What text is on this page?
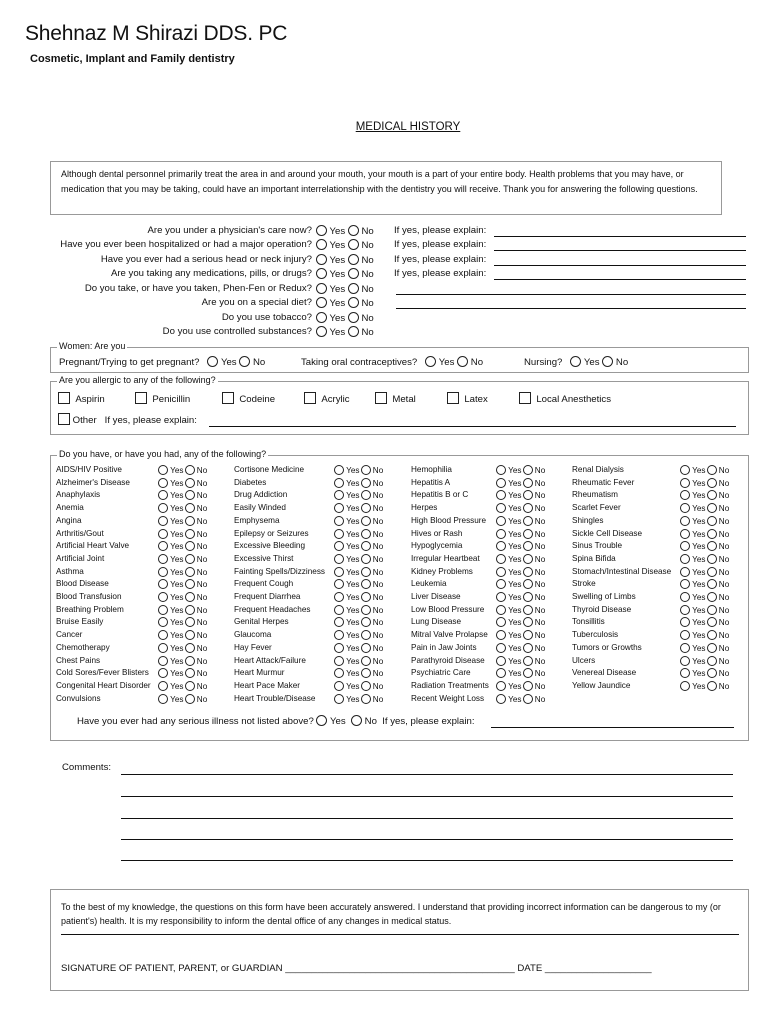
Shehnaz M Shirazi DDS. PC
Cosmetic, Implant and Family dentistry
MEDICAL HISTORY
Although dental personnel primarily treat the area in and around your mouth, your mouth is a part of your entire body. Health problems that you may have, or medication that you may be taking, could have an important interrelationship with the dentistry you will receive. Thank you for answering the following questions.
Are you under a physician's care now?	Yes No If yes, please explain:
Have you ever been hospitalized or had a major operation?	Yes No If yes, please explain:
Have you ever had a serious head or neck injury?	Yes No If yes, please explain:
Are you taking any medications, pills, or drugs?	Yes No If yes, please explain:
Do you take, or have you taken, Phen-Fen or Redux?	Yes No
Are you on a special diet?	Yes No
Do you use tobacco?	Yes No
Do you use controlled substances?	Yes No
Women: Are you
Pregnant/Trying to get pregnant? Yes No	Taking oral contraceptives? Yes No	Nursing? Yes No
Are you allergic to any of the following?
Aspirin	Penicillin	Codeine	Acrylic	Metal	Latex	Local Anesthetics
Other If yes, please explain:
Do you have, or have you had, any of the following?
AIDS/HIV Positive	Yes No
Alzheimer's Disease	Yes No
Anaphylaxis	Yes No
Anemia	Yes No
Angina	Yes No
Arthritis/Gout	Yes No
Artificial Heart Valve	Yes No
Artificial Joint	Yes No
Asthma	Yes No
Blood Disease	Yes No
Blood Transfusion	Yes No
Breathing Problem	Yes No
Bruise Easily	Yes No
Cancer	Yes No
Chemotherapy	Yes No
Chest Pains	Yes No
Cold Sores/Fever Blisters	Yes No
Congenital Heart Disorder	Yes No
Convulsions	Yes No
Cortisone Medicine	Yes No
Diabetes	Yes No
Drug Addiction	Yes No
Easily Winded	Yes No
Emphysema	Yes No
Epilepsy or Seizures	Yes No
Excessive Bleeding	Yes No
Excessive Thirst	Yes No
Fainting Spells/Dizziness	Yes No
Frequent Cough	Yes No
Frequent Diarrhea	Yes No
Frequent Headaches	Yes No
Genital Herpes	Yes No
Glaucoma	Yes No
Hay Fever	Yes No
Heart Attack/Failure	Yes No
Heart Murmur	Yes No
Heart Pace Maker	Yes No
Heart Trouble/Disease	Yes No
Hemophilia	Yes No
Hepatitis A	Yes No
Hepatitis B or C	Yes No
Herpes	Yes No
High Blood Pressure	Yes No
Hives or Rash	Yes No
Hypoglycemia	Yes No
Irregular Heartbeat	Yes No
Kidney Problems	Yes No
Leukemia	Yes No
Liver Disease	Yes No
Low Blood Pressure	Yes No
Lung Disease	Yes No
Mitral Valve Prolapse	Yes No
Pain in Jaw Joints	Yes No
Parathyroid Disease	Yes No
Psychiatric Care	Yes No
Radiation Treatments	Yes No
Recent Weight Loss	Yes No
Renal Dialysis	Yes No
Rheumatic Fever	Yes No
Rheumatism	Yes No
Scarlet Fever	Yes No
Shingles	Yes No
Sickle Cell Disease	Yes No
Sinus Trouble	Yes No
Spina Bifida	Yes No
Stomach/Intestinal Disease	Yes No
Stroke	Yes No
Swelling of Limbs	Yes No
Thyroid Disease	Yes No
Tonsillitis	Yes No
Tuberculosis	Yes No
Tumors or Growths	Yes No
Ulcers	Yes No
Venereal Disease	Yes No
Yellow Jaundice	Yes No
Have you ever had any serious illness not listed above? Yes No If yes, please explain:
Comments:
To the best of my knowledge, the questions on this form have been accurately answered. I understand that providing incorrect information can be dangerous to my (or patient's) health. It is my responsibility to inform the dental office of any changes in medical status.
SIGNATURE OF PATIENT, PARENT, or GUARDIAN ___________________________________________ DATE ____________________
